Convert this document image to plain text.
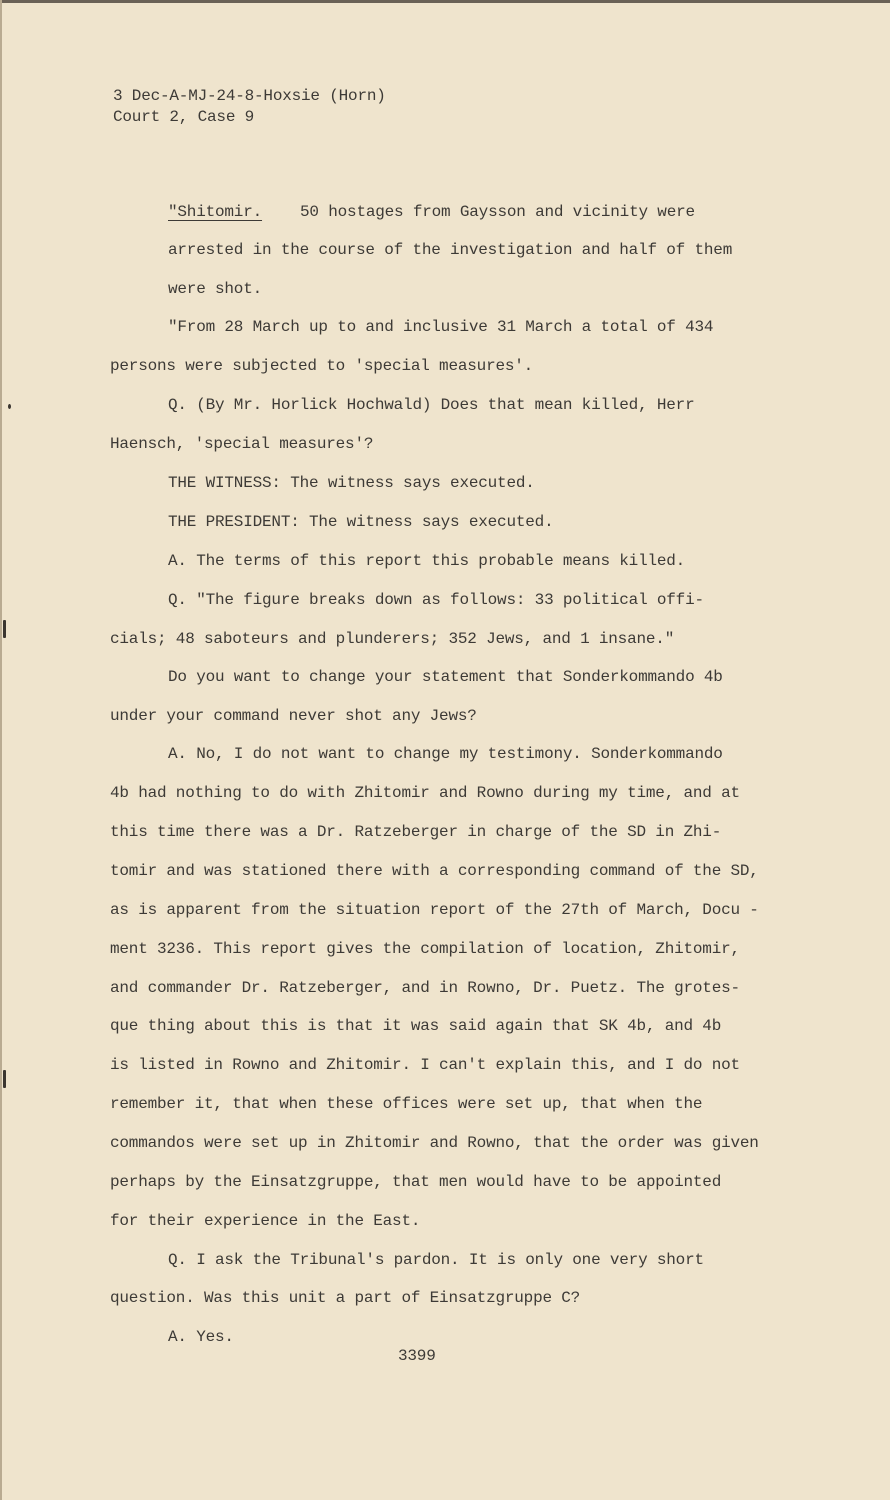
3 Dec-A-MJ-24-8-Hoxsie (Horn)
Court 2, Case 9
"Shitomir. 50 hostages from Gaysson and vicinity were
arrested in the course of the investigation and half of them
were shot.
"From 28 March up to and inclusive 31 March a total of 434
persons were subjected to 'special measures'.
Q. (By Mr. Horlick Hochwald) Does that mean killed, Herr
Haensch, 'special measures'?
THE WITNESS: The witness says executed.
THE PRESIDENT: The witness says executed.
A. The terms of this report this probable means killed.
Q. "The figure breaks down as follows: 33 political offi-
cials; 48 saboteurs and plunderers; 352 Jews, and 1 insane."
Do you want to change your statement that Sonderkommando 4b
under your command never shot any Jews?
A. No, I do not want to change my testimony. Sonderkommando
4b had nothing to do with Zhitomir and Rowno during my time, and at
this time there was a Dr. Ratzeberger in charge of the SD in Zhi-
tomir and was stationed there with a corresponding command of the SD,
as is apparent from the situation report of the 27th of March, Docu -
ment 3236. This report gives the compilation of location, Zhitomir,
and commander Dr. Ratzeberger, and in Rowno, Dr. Puetz. The grotes-
que thing about this is that it was said again that SK 4b, and 4b
is listed in Rowno and Zhitomir. I can't explain this, and I do not
remember it, that when these offices were set up, that when the
commandos were set up in Zhitomir and Rowno, that the order was given
perhaps by the Einsatzgruppe, that men would have to be appointed
for their experience in the East.
Q. I ask the Tribunal's pardon. It is only one very short
question. Was this unit a part of Einsatzgruppe C?
A. Yes.
3399
